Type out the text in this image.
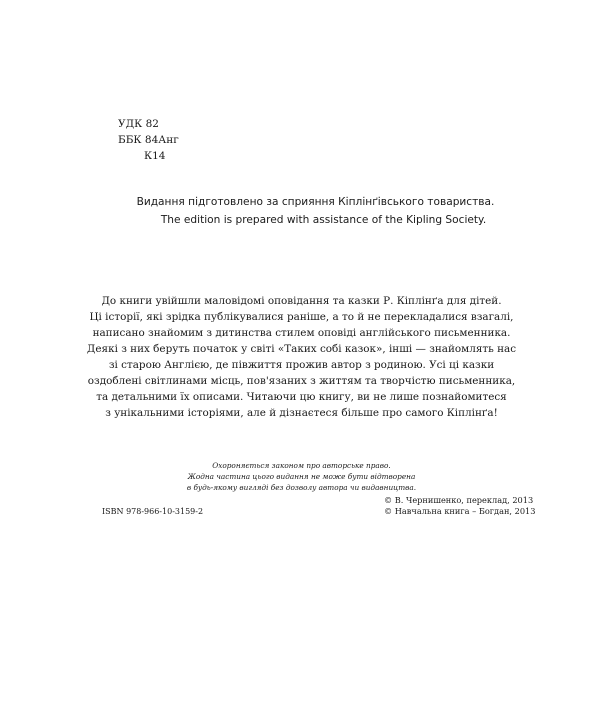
УДК 82
ББК 84Анг
К14
Видання підготовлено за сприяння Кіплінґівського товариства.
The edition is prepared with assistance of the Kipling Society.
До книги увійшли маловідомі оповідання та казки Р. Кіплінґа для дітей.
Ці історії, які зрідка публікувалися раніше, а то й не перекладалися взагалі,
написано знайомим з дитинства стилем оповіді англійського письменника.
Деякі з них беруть початок у світі «Таких собі казок», інші — знайомлять нас
зі старою Англією, де півжиття прожив автор з родиною. Усі ці казки
оздоблені світлинами місць, пов'язаних з життям та творчістю письменника,
та детальними їх описами. Читаючи цю книгу, ви не лише познайомитеся
з унікальними історіями, але й дізнаєтеся більше про самого Кіплінґа!
Охороняється законом про авторське право.
Жодна частина цього видання не може бути відтворена
в будь-якому вигляді без дозволу автора чи видавництва.
ISBN 978-966-10-3159-2
© В. Чернишенко, переклад, 2013
© Навчальна книга – Богдан, 2013
